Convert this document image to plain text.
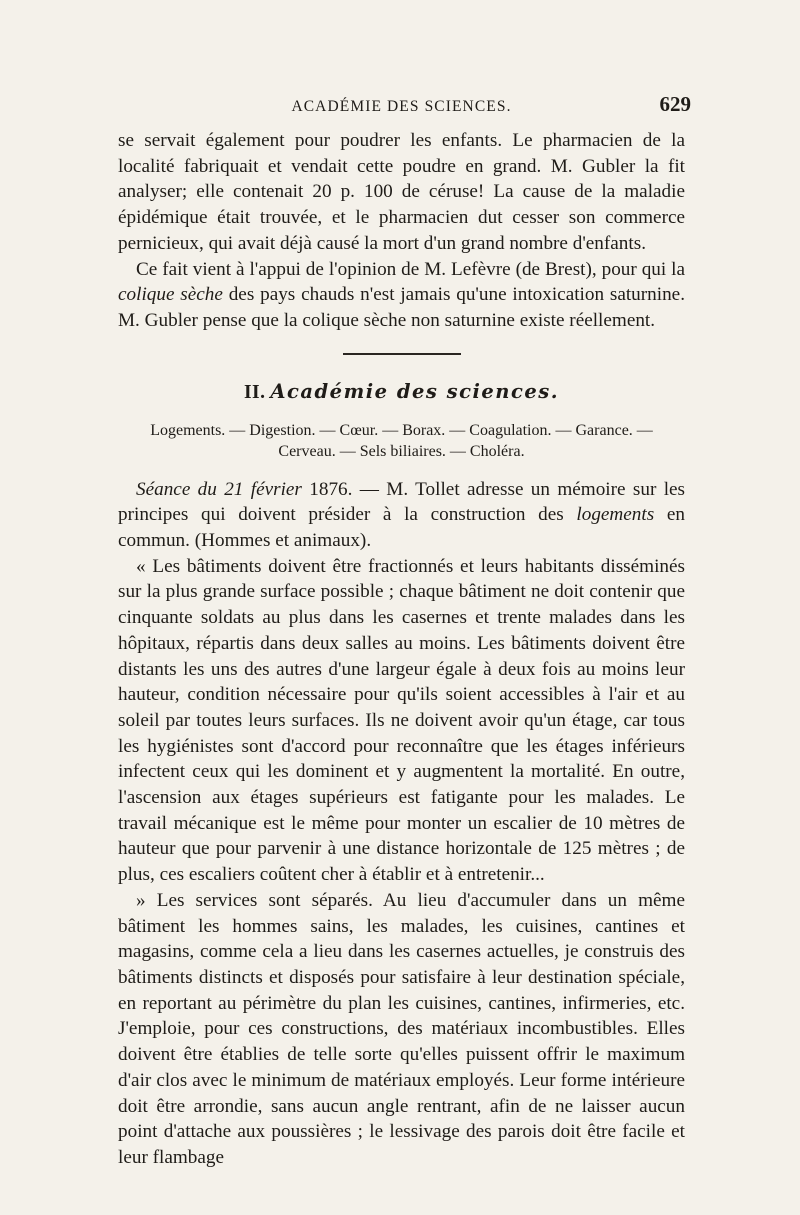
ACADÉMIE DES SCIENCES.	629

se servait également pour poudrer les enfants. Le pharmacien de la localité fabriquait et vendait cette poudre en grand. M. Gubler la fit analyser; elle contenait 20 p. 100 de céruse! La cause de la maladie épidémique était trouvée, et le pharmacien dut cesser son commerce pernicieux, qui avait déjà causé la mort d'un grand nombre d'enfants.

Ce fait vient à l'appui de l'opinion de M. Lefèvre (de Brest), pour qui la colique sèche des pays chauds n'est jamais qu'une intoxication saturnine. M. Gubler pense que la colique sèche non saturnine existe réellement.

II. Académie des sciences.
Logements. — Digestion. — Cœur. — Borax. — Coagulation. — Garance. —
Cerveau. — Sels biliaires. — Choléra.

Séance du 21 février 1876. — M. Tollet adresse un mémoire sur les principes qui doivent présider à la construction des logements en commun. (Hommes et animaux).

« Les bâtiments doivent être fractionnés et leurs habitants disséminés sur la plus grande surface possible ; chaque bâtiment ne doit contenir que cinquante soldats au plus dans les casernes et trente malades dans les hôpitaux, répartis dans deux salles au moins. Les bâtiments doivent être distants les uns des autres d'une largeur égale à deux fois au moins leur hauteur, condition nécessaire pour qu'ils soient accessibles à l'air et au soleil par toutes leurs surfaces. Ils ne doivent avoir qu'un étage, car tous les hygiénistes sont d'accord pour reconnaître que les étages inférieurs infectent ceux qui les dominent et y augmentent la mortalité. En outre, l'ascension aux étages supérieurs est fatigante pour les malades. Le travail mécanique est le même pour monter un escalier de 10 mètres de hauteur que pour parvenir à une distance horizontale de 125 mètres ; de plus, ces escaliers coûtent cher à établir et à entretenir...

» Les services sont séparés. Au lieu d'accumuler dans un même bâtiment les hommes sains, les malades, les cuisines, cantines et magasins, comme cela a lieu dans les casernes actuelles, je construis des bâtiments distincts et disposés pour satisfaire à leur destination spéciale, en reportant au périmètre du plan les cuisines, cantines, infirmeries, etc. J'emploie, pour ces constructions, des matériaux incombustibles. Elles doivent être établies de telle sorte qu'elles puissent offrir le maximum d'air clos avec le minimum de matériaux employés. Leur forme intérieure doit être arrondie, sans aucun angle rentrant, afin de ne laisser aucun point d'attache aux poussières ; le lessivage des parois doit être facile et leur flambage
